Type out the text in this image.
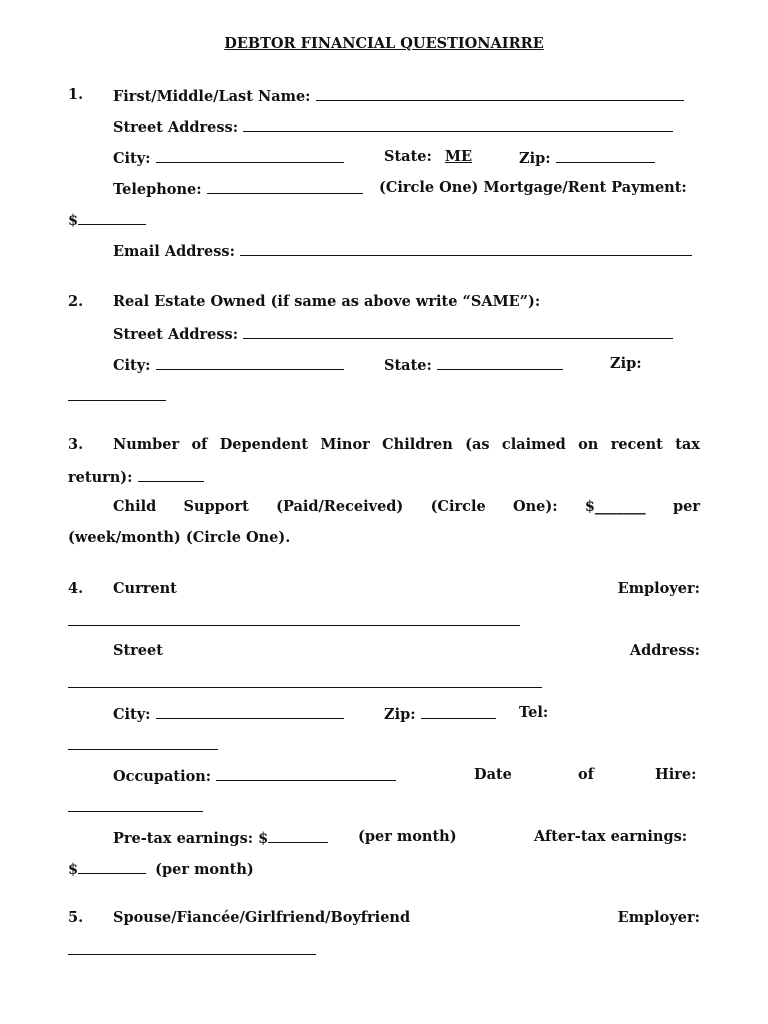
DEBTOR FINANCIAL QUESTIONAIRRE
1. First/Middle/Last Name:
Street Address:
City:	State: ME	Zip:
Telephone:	(Circle One) Mortgage/Rent Payment:
$
Email Address:
2. Real Estate Owned (if same as above write “SAME”):
Street Address:
City:	State:	Zip:
3. Number of Dependent Minor Children (as claimed on recent tax
return):
Child Support (Paid/Received) (Circle One): $_______ per
(week/month) (Circle One).
4. Current	Employer:
Street	Address:
City:	Zip:	Tel:
Occupation:	Date	of	Hire:
Pre-tax earnings: $	(per month)	After-tax earnings:
$	(per month)
5. Spouse/Fiancée/Girlfriend/Boyfriend	Employer:
